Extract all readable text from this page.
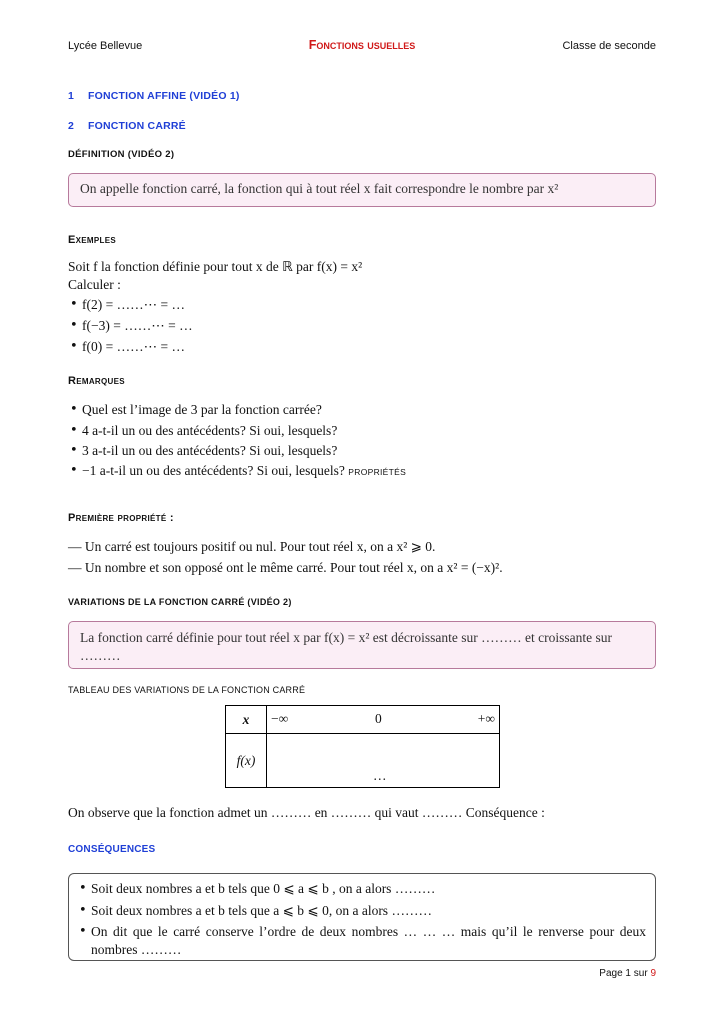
Lycée Bellevue	Fonctions usuelles	Classe de seconde
1 FONCTION AFFINE (VIDÉO 1)
2 FONCTION CARRÉ
DÉFINITION (VIDÉO 2)
On appelle fonction carré, la fonction qui à tout réel x fait correspondre le nombre par x²
Exemples
Soit f la fonction définie pour tout x de ℝ par f(x) = x²
Calculer :
• f(2) = ……⋯ = …
• f(−3) = ……⋯ = …
• f(0) = ……⋯ = …
Remarques
• Quel est l’image de 3 par la fonction carrée?
• 4 a-t-il un ou des antécédents? Si oui, lesquels?
• 3 a-t-il un ou des antécédents? Si oui, lesquels?
• −1 a-t-il un ou des antécédents? Si oui, lesquels? PROPRIÉTÉS
Première propriété :
— Un carré est toujours positif ou nul. Pour tout réel x, on a x² ⩾ 0.
— Un nombre et son opposé ont le même carré. Pour tout réel x, on a x² = (−x)².
VARIATIONS DE LA FONCTION CARRÉ (VIDÉO 2)
La fonction carré définie pour tout réel x par f(x) = x² est décroissante sur ……… et croissante sur
………
TABLEAU DES VARIATIONS DE LA FONCTION CARRÉ
x	−∞ 0 +∞

f(x)	…
On observe que la fonction admet un ……… en ……… qui vaut ……… Conséquence :
CONSÉQUENCES
• Soit deux nombres a et b tels que 0 ⩽ a ⩽ b , on a alors ………
• Soit deux nombres a et b tels que a ⩽ b ⩽ 0, on a alors ………
• On dit que le carré conserve l’ordre de deux nombres … … … mais qu’il le renverse pour deux
nombres ………
Page 1 sur 9
